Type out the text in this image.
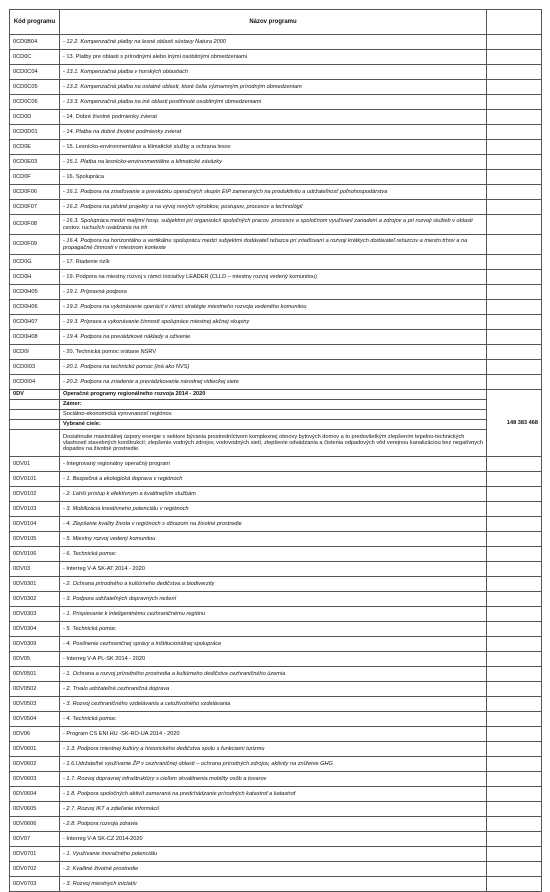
Kód programu	Názov programu	
0CD0B04	- 12.2. Kompenzačné platby na lesné oblasti sústavy Natura 2000	
0CD0C	- 13. Platby pre oblasti s prírodnými alebo inými osobitnými obmedzeniami	
0CD0C04	- 13.1. Kompenzačná platba v horských oblastiach	
0CD0C05	- 13.2. Kompenzačná platba na ostatné oblasti, ktoré čelia významným prírodným obmedzeniam	
0CD0C06	- 13.3. Kompenzačná platba na iné oblasti postihnuté osobitnými obmedzeniami	
0CD0D	- 14. Dobré životné podmienky zvierat	
0CD0D01	- 14. Platba na dobré životné podmienky zvierat	
0CD0E	- 15. Lesnícko-environmentálne a klimatické služby a ochrana lesov	
0CD0E03	- 15.1. Platba na lesnícko-environmentálne a klimatické záväzky	
0CD0F	- 16. Spolupráca	
0CD0F06	- 16.1. Podpora na zriaďovanie a prevádzku operačných skupín EIP zameraných na produktivitu a udržateľnosť poľnohospodárstva	
0CD0F07	- 16.2. Podpora na pilotné projekty a na vývoj nových výrobkov, postupov, procesov a technológií	
0CD0F08	- 16.3. Spolupráca medzi malými hosp. subjektmi pri organizácii spoločných pracov. procesov a spoločnom využívaní zariadení a zdrojov a pri rozvoji služieb v oblasti cestov. ruchu/ich uvádzania na trh	
0CD0F09	- 16.4. Podpora na horizontálnu a vertikálnu spoluprácu medzi subjektmi dodávateľ.reťazca pri zriaďovaní a rozvoji krátkych dodávateľ.reťazcov a miestn.trhov a na propagačné činnosti v miestnom kontexte	
0CD0G	- 17. Riadenie rizík	
0CD0H	- 19. Podpora na miestny rozvoj v rámci iniciatívy LEADER (CLLD – miestny rozvoj vedený komunitou)	
0CD0H05	- 19.1. Prípravná podpora	
0CD0H06	- 19.2. Podpora na vykonávanie operácií v rámci stratégie miestneho rozvoja vedeného komunitou	
0CD0H07	- 19.3. Príprava a vykonávanie činností spolupráce miestnej akčnej skupiny	
0CD0H08	- 19.4. Podpora na prevádzkové náklady a oživenie	
0CD0I	- 20. Technická pomoc vrátane NSRV	
0CD0I03	- 20.1. Podpora na technickú pomoc (iná ako NVS)	
0CD0I04	- 20.2. Podpora na zriadenie a prevádzkovanie národnej vidieckej siete	
0DV	Operačné programy regionálneho rozvoja 2014 - 2020	148 383 468
	Zámer:	
	Sociálno-ekonomická vyrovnanosť regiónov.	
	Vybrané ciele:	
	Dosiahnutie maximálnej úspory energie v sektore bývania prostredníctvom komplexnej obnovy bytových domov a to predovšetkým zlepšením tepelno-technických vlastností stavebných konštrukcií; zlepšenie vodných zdrojov, vodovodných sietí, zlepšenie odvádzania a čistenia odpadových vôd verejnou kanalizáciou bez negatívnych dopadov na životné prostredie.	
0DV01	- Integrovaný regionálny operačný program	
0DV0101	- 1. Bezpečná a ekologická doprava v regiónoch	
0DV0102	- 2. Ľahší prístup k efektívnym a kvalitnejším službám	
0DV0103	- 3. Mobilizácia kreatívneho potenciálu v regiónoch	
0DV0104	- 4. Zlepšenie kvality života v regiónoch s dôrazom na životné prostredie	
0DV0105	- 5. Miestny rozvoj vedený komunitou	
0DV0106	- 6. Technická pomoc	
0DV03	- Interreg V-A SK-AT 2014 - 2020	
0DV0301	- 2. Ochrana prírodného a kultúrneho dedičstva a biodiverzity	
0DV0302	- 3. Podpora udržateľných dopravných riešení	
0DV0303	- 1. Prispievanie k inteligentnému cezhraničnému regiónu	
0DV0304	- 5. Technická pomoc	
0DV0309	- 4. Posilnenie cezhraničnej správy a inštitucionálnej spolupráce	
0DV05	- Interreg V-A PL-SK 2014 - 2020	
0DV0501	- 1. Ochrana a rozvoj prírodného prostredia a kultúrneho dedičstva cezhraničného územia	
0DV0502	- 2. Trvalo udržateľná cezhraničná doprava	
0DV0503	- 3. Rozvoj cezhraničného vzdelávania a celoživotného vzdelávania	
0DV0504	- 4. Technická pomoc	
0DV06	- Program CS ENI HU -SK-RO-UA 2014 - 2020	
0DV0601	- 1.3. Podpora miestnej kultúry a historického dedičstva spolu s funkciami turizmu	
0DV0602	- 1.6.Udržateľné využívanie ŽP v cezhraničnej oblasti – ochrana prírodných zdrojov, aktivity na zníženie GHG	
0DV0603	- 1.7. Rozvoj dopravnej infraštruktúry s cieľom skvalitnenia mobility osôb a tovarov	
0DV0604	- 1.8. Podpora spoločných aktivít zameraná na predchádzanie prírodných katastrof a katastrof	
0DV0605	- 2.7. Rozvoj IKT a zdieľanie informácií	
0DV0606	- 2.8. Podpora rozvoja zdravia	
0DV07	- Interreg V-A SK-CZ 2014-2020	
0DV0701	- 1. Využívanie inovačného potenciálu	
0DV0702	- 2. Kvalitné životné prostredie	
0DV0703	- 3. Rozvoj miestnych iniciatív	
